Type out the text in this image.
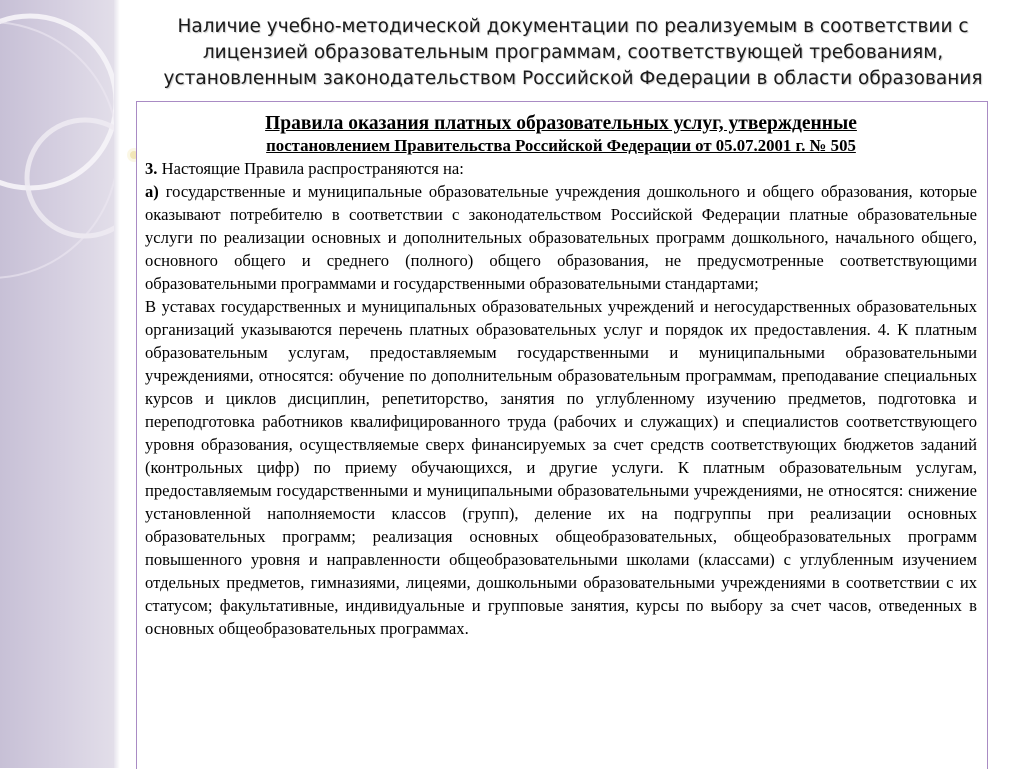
Наличие учебно-методической документации по реализуемым в соответствии с лицензией образовательным программам, соответствующей требованиям, установленным законодательством Российской Федерации в области образования

Правила оказания платных образовательных услуг, утвержденные

постановлением Правительства Российской Федерации от 05.07.2001 г. № 505

3. Настоящие Правила распространяются на:

а) государственные и муниципальные образовательные учреждения дошкольного и общего образования, которые оказывают потребителю в соответствии с законодательством Российской Федерации платные образовательные услуги по реализации основных и дополнительных образовательных программ дошкольного, начального общего, основного общего и среднего (полного) общего образования, не предусмотренные соответствующими образовательными программами и государственными образовательными стандартами;

В уставах государственных и муниципальных образовательных учреждений и негосударственных образовательных организаций указываются перечень платных образовательных услуг и порядок их предоставления. 4. К платным образовательным услугам, предоставляемым государственными и муниципальными образовательными учреждениями, относятся: обучение по дополнительным образовательным программам, преподавание специальных курсов и циклов дисциплин, репетиторство, занятия по углубленному изучению предметов, подготовка и переподготовка работников квалифицированного труда (рабочих и служащих) и специалистов соответствующего уровня образования, осуществляемые сверх финансируемых за счет средств соответствующих бюджетов заданий (контрольных цифр) по приему обучающихся, и другие услуги. К платным образовательным услугам, предоставляемым государственными и муниципальными образовательными учреждениями, не относятся: снижение установленной наполняемости классов (групп), деление их на подгруппы при реализации основных образовательных программ; реализация основных общеобразовательных, общеобразовательных программ повышенного уровня и направленности общеобразовательными школами (классами) с углубленным изучением отдельных предметов, гимназиями, лицеями, дошкольными образовательными учреждениями в соответствии с их статусом; факультативные, индивидуальные и групповые занятия, курсы по выбору за счет часов, отведенных в основных общеобразовательных программах.
